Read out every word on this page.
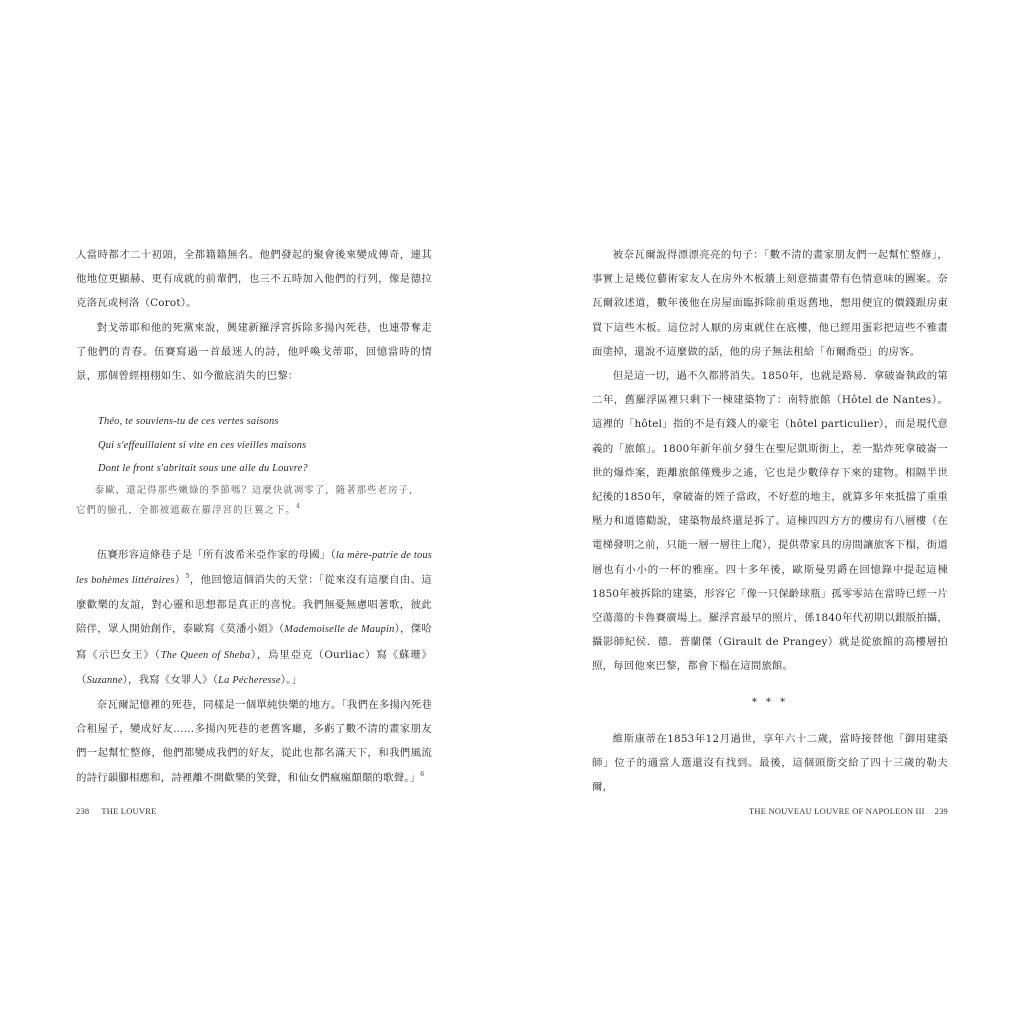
人當時都才二十初頭，全都籍籍無名。他們發起的聚會後來變成傳奇，連其他地位更顯赫、更有成就的前輩們，也三不五時加入他們的行列，像是德拉克洛瓦或柯洛（Corot）。

對戈蒂耶和他的死黨來說，興建新羅浮宮拆除多揚內死巷，也連帶奪走了他們的青春。伍賽寫過一首最迷人的詩，他呼喚戈蒂耶，回憶當時的情景，那個曾經栩栩如生、如今徹底消失的巴黎：

Théo, te souviens-tu de ces vertes saisons
Qui s'effeuillaient si vite en ces vieilles maisons
Dont le front s'abritait sous une aile du Louvre?
泰歐，還記得那些嫩綠的季節嗎？這麼快就凋零了，隨著那些老房子，
它們的臉孔，全都被遮蔽在羅浮宮的巨翼之下。$^4$

伍賽形容這條巷子是「所有波希米亞作家的母國」（la mère-patrie de tous les bohèmes littéraires）$^5$，他回憶這個消失的天堂：「從來沒有這麼自由、這麼歡樂的友誼，對心靈和思想都是真正的喜悅。我們無憂無慮唱著歌，彼此陪伴，眾人開始創作，泰歐寫《莫潘小姐》（Mademoiselle de Maupin），傑哈寫《示巴女王》（The Queen of Sheba），烏里亞克（Ourliac）寫《蘇珊》（Suzanne），我寫《女罪人》（La Pécheresse）。」

奈瓦爾記憶裡的死巷，同樣是一個單純快樂的地方。「我們在多揚內死巷合租屋子，變成好友……多揚內死巷的老舊客廳，多虧了數不清的畫家朋友們一起幫忙整修，他們都變成我們的好友，從此也都名滿天下，和我們風流的詩行韻腳相應和，詩裡離不開歡樂的笑聲，和仙女們瘋瘋顛顛的歌聲。」$^6$

238 THE LOUVRE

被奈瓦爾說得漂漂亮亮的句子：「數不清的畫家朋友們一起幫忙整修」，事實上是幾位藝術家友人在房外木板牆上刻意描畫帶有色情意味的圖案。奈瓦爾敘述道，數年後他在房屋面臨拆除前重返舊地，想用便宜的價錢跟房東買下這些木板。這位討人厭的房東就住在底樓，他已經用蛋彩把這些不雅畫面塗掉，還說不這麼做的話，他的房子無法租給「布爾喬亞」的房客。

但是這一切，過不久都將消失。1850年，也就是路易．拿破崙執政的第二年，舊羅浮區裡只剩下一棟建築物了：南特旅館（Hôtel de Nantes）。這裡的「hôtel」指的不是有錢人的豪宅（hôtel particulier），而是現代意義的「旅館」。1800年新年前夕發生在聖尼凱斯街上，差一點炸死拿破崙一世的爆炸案，距離旅館僅幾步之遙，它也是少數倖存下來的建物。相隔半世紀後的1850年，拿破崙的姪子當政，不好惹的地主，就算多年來抵擋了重重壓力和道德勸說，建築物最終還是拆了。這棟四四方方的樓房有八層樓（在電梯發明之前，只能一層一層往上爬），提供帶家具的房間讓旅客下榻，街道層也有小小的一杯的雅座。四十多年後，歐斯曼男爵在回憶錄中提起這棟1850年被拆除的建築，形容它「像一只保齡球瓶」孤零零站在當時已經一片空蕩蕩的卡魯賽廣場上。羅浮宮最早的照片，係1840年代初期以銀版拍攝，攝影師紀侯．德．普蘭傑（Girault de Prangey）就是從旅館的高樓層拍照，每回他來巴黎，都會下榻在這間旅館。

* * *

維斯康蒂在1853年12月過世，享年六十二歲，當時接替他「御用建築師」位子的適當人選還沒有找到。最後，這個頭銜交給了四十三歲的勒夫爾，

THE NOUVEAU LOUVRE OF NAPOLEON III 239
